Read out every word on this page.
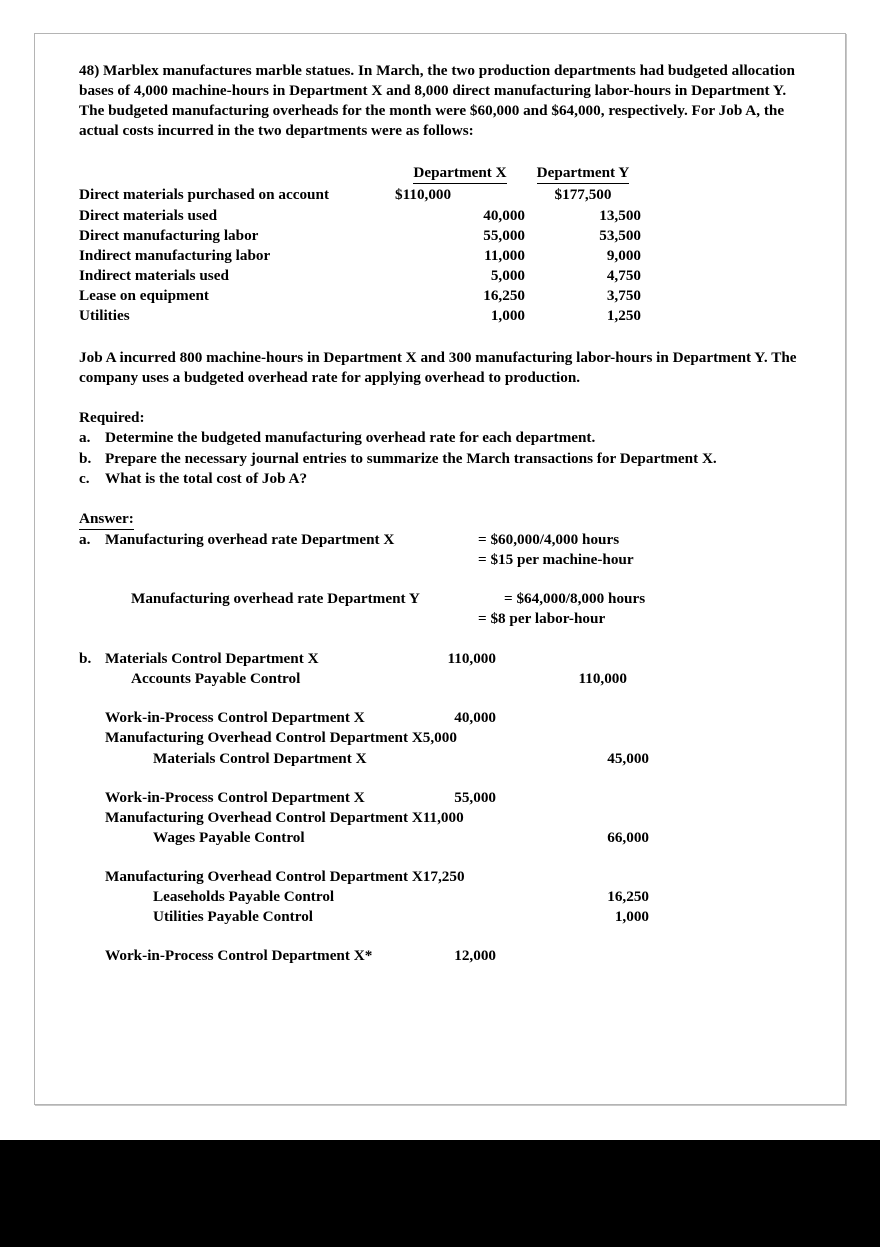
48) Marblex manufactures marble statues. In March, the two production departments had budgeted allocation bases of 4,000 machine-hours in Department X and 8,000 direct manufacturing labor-hours in Department Y. The budgeted manufacturing overheads for the month were $60,000 and $64,000, respectively. For Job A, the actual costs incurred in the two departments were as follows:

	Department X	Department Y
Direct materials purchased on account	$110,000	$177,500
Direct materials used	40,000	13,500
Direct manufacturing labor	55,000	53,500
Indirect manufacturing labor	11,000	9,000
Indirect materials used	5,000	4,750
Lease on equipment	16,250	3,750
Utilities	1,000	1,250

Job A incurred 800 machine-hours in Department X and 300 manufacturing labor-hours in Department Y. The company uses a budgeted overhead rate for applying overhead to production.

Required:
a. Determine the budgeted manufacturing overhead rate for each department.
b. Prepare the necessary journal entries to summarize the March transactions for Department X.
c.	What is the total cost of Job A?
Answer:
a. Manufacturing overhead rate Department X	= $60,000/4,000 hours
= $15 per machine-hour
Manufacturing overhead rate Department Y	= $64,000/8,000 hours
= $8 per labor-hour
b. Materials Control Department X	110,000
Accounts Payable Control	110,000
Work-in-Process Control Department X	40,000
Manufacturing Overhead Control Department X 5,000
Materials Control Department X	45,000
Work-in-Process Control Department X	55,000
Manufacturing Overhead Control Department X 11,000
Wages Payable Control	66,000
Manufacturing Overhead Control Department X 17,250
Leaseholds Payable Control	16,250
Utilities Payable Control	1,000
Work-in-Process Control Department X*	12,000
